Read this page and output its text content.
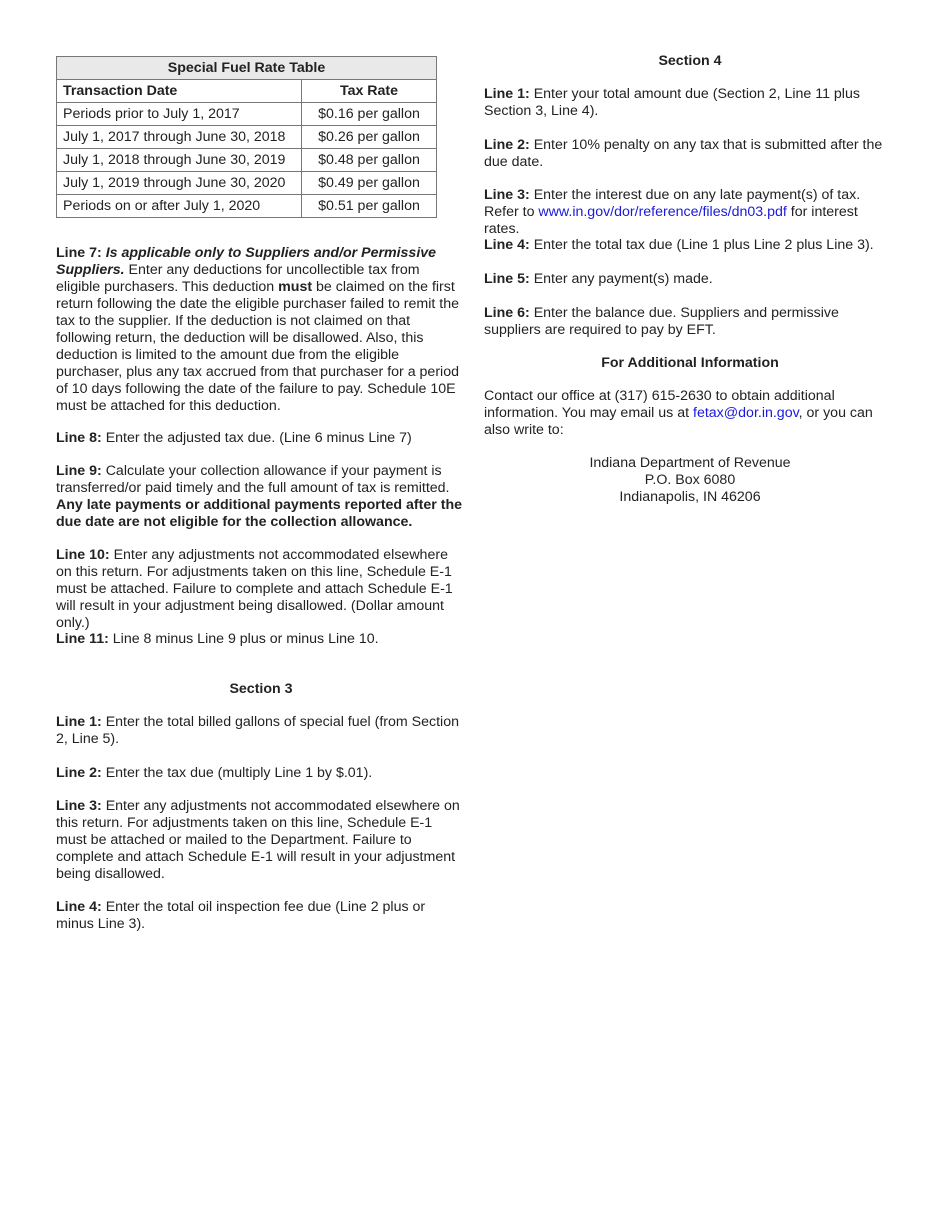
Special Fuel Rate Table	
Transaction Date	Tax Rate
Periods prior to July 1, 2017	$0.16 per gallon
July 1, 2017 through June 30, 2018	$0.26 per gallon
July 1, 2018 through June 30, 2019	$0.48 per gallon
July 1, 2019 through June 30, 2020	$0.49 per gallon
Periods on or after July 1, 2020	$0.51 per gallon

Line 7: Is applicable only to Suppliers and/or Permissive Suppliers. Enter any deductions for uncollectible tax from eligible purchasers. This deduction must be claimed on the first return following the date the eligible purchaser failed to remit the tax to the supplier. If the deduction is not claimed on that following return, the deduction will be disallowed. Also, this deduction is limited to the amount due from the eligible purchaser, plus any tax accrued from that purchaser for a period of 10 days following the date of the failure to pay. Schedule 10E must be attached for this deduction.

Line 8: Enter the adjusted tax due. (Line 6 minus Line 7)

Line 9: Calculate your collection allowance if your payment is transferred/or paid timely and the full amount of tax is remitted. Any late payments or additional payments reported after the due date are not eligible for the collection allowance.

Line 10: Enter any adjustments not accommodated elsewhere on this return. For adjustments taken on this line, Schedule E-1 must be attached. Failure to complete and attach Schedule E-1 will result in your adjustment being disallowed. (Dollar amount only.)

Line 11: Line 8 minus Line 9 plus or minus Line 10.

Section 3

Line 1: Enter the total billed gallons of special fuel (from Section 2, Line 5).

Line 2: Enter the tax due (multiply Line 1 by $.01).

Line 3: Enter any adjustments not accommodated elsewhere on this return. For adjustments taken on this line, Schedule E-1 must be attached or mailed to the Department. Failure to complete and attach Schedule E-1 will result in your adjustment being disallowed.

Line 4: Enter the total oil inspection fee due (Line 2 plus or minus Line 3).

Section 4

Line 1: Enter your total amount due (Section 2, Line 11 plus Section 3, Line 4).

Line 2: Enter 10% penalty on any tax that is submitted after the due date.

Line 3: Enter the interest due on any late payment(s) of tax. Refer to www.in.gov/dor/reference/files/dn03.pdf for interest rates.

Line 4: Enter the total tax due (Line 1 plus Line 2 plus Line 3).

Line 5: Enter any payment(s) made.

Line 6: Enter the balance due. Suppliers and permissive suppliers are required to pay by EFT.

For Additional Information

Contact our office at (317) 615-2630 to obtain additional information. You may email us at fetax@dor.in.gov, or you can also write to:

Indiana Department of Revenue
P.O. Box 6080
Indianapolis, IN 46206
